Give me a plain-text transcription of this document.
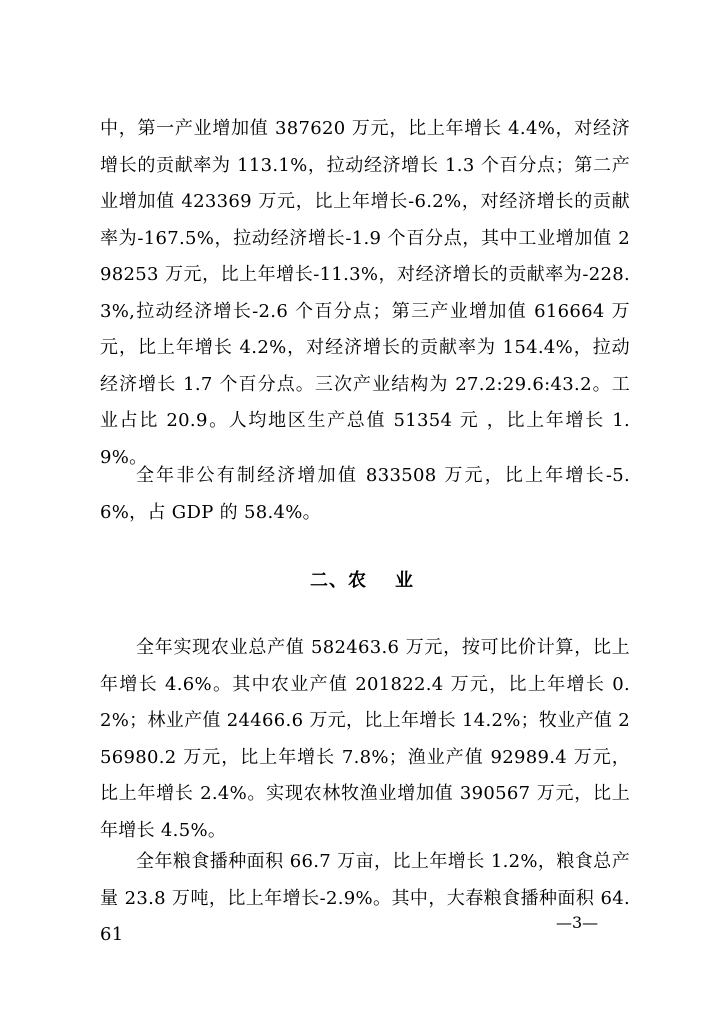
中，第一产业增加值 387620 万元，比上年增长 4.4%，对经济增长的贡献率为 113.1%，拉动经济增长 1.3 个百分点；第二产业增加值 423369 万元，比上年增长-6.2%，对经济增长的贡献率为-167.5%，拉动经济增长-1.9 个百分点，其中工业增加值 298253 万元，比上年增长-11.3%，对经济增长的贡献率为-228.3%,拉动经济增长-2.6 个百分点；第三产业增加值 616664 万元，比上年增长 4.2%，对经济增长的贡献率为 154.4%，拉动经济增长 1.7 个百分点。三次产业结构为 27.2:29.6:43.2。工业占比 20.9。人均地区生产总值 51354 元 ，比上年增长 1.9%。

全年非公有制经济增加值 833508 万元，比上年增长-5.6%，占 GDP 的 58.4%。

二、农 业

全年实现农业总产值 582463.6 万元，按可比价计算，比上年增长 4.6%。其中农业产值 201822.4 万元，比上年增长 0.2%；林业产值 24466.6 万元，比上年增长 14.2%；牧业产值 256980.2 万元，比上年增长 7.8%；渔业产值 92989.4 万元，比上年增长 2.4%。实现农林牧渔业增加值 390567 万元，比上年增长 4.5%。

全年粮食播种面积 66.7 万亩，比上年增长 1.2%，粮食总产量 23.8 万吨，比上年增长-2.9%。其中，大春粮食播种面积 64.61

—3—
